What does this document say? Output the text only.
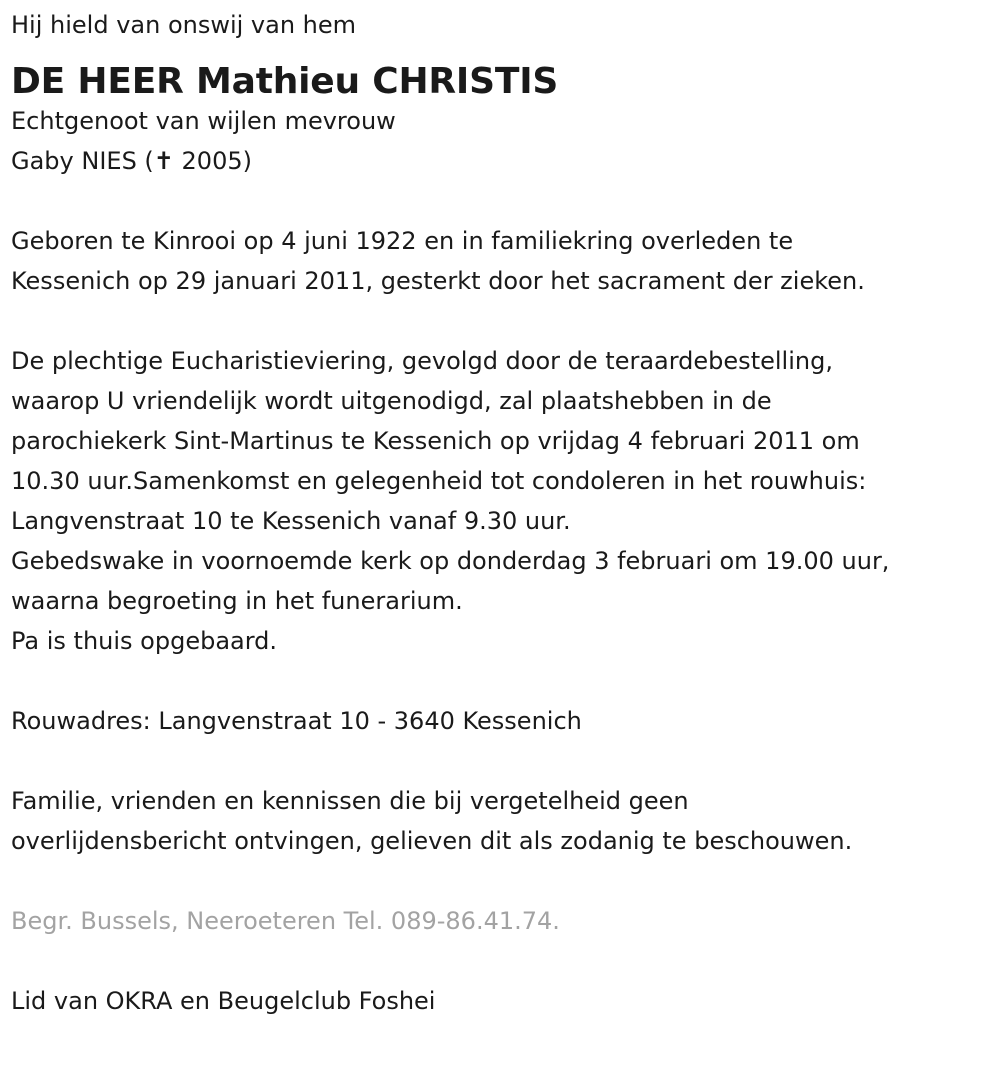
Hij hield van onswij van hem
DE HEER Mathieu CHRISTIS
Echtgenoot van wijlen mevrouw
Gaby NIES (✝ 2005)
Geboren te Kinrooi op 4 juni 1922 en in familiekring overleden te
Kessenich op 29 januari 2011, gesterkt door het sacrament der zieken.
De plechtige Eucharistieviering, gevolgd door de teraardebestelling,
waarop U vriendelijk wordt uitgenodigd, zal plaatshebben in de
parochiekerk Sint-Martinus te Kessenich op vrijdag 4 februari 2011 om
10.30 uur.Samenkomst en gelegenheid tot condoleren in het rouwhuis:
Langvenstraat 10 te Kessenich vanaf 9.30 uur.
Gebedswake in voornoemde kerk op donderdag 3 februari om 19.00 uur,
waarna begroeting in het funerarium.
Pa is thuis opgebaard.
Rouwadres: Langvenstraat 10 - 3640 Kessenich
Familie, vrienden en kennissen die bij vergetelheid geen
overlijdensbericht ontvingen, gelieven dit als zodanig te beschouwen.
Begr. Bussels, Neeroeteren Tel. 089-86.41.74.
Lid van OKRA en Beugelclub Foshei
